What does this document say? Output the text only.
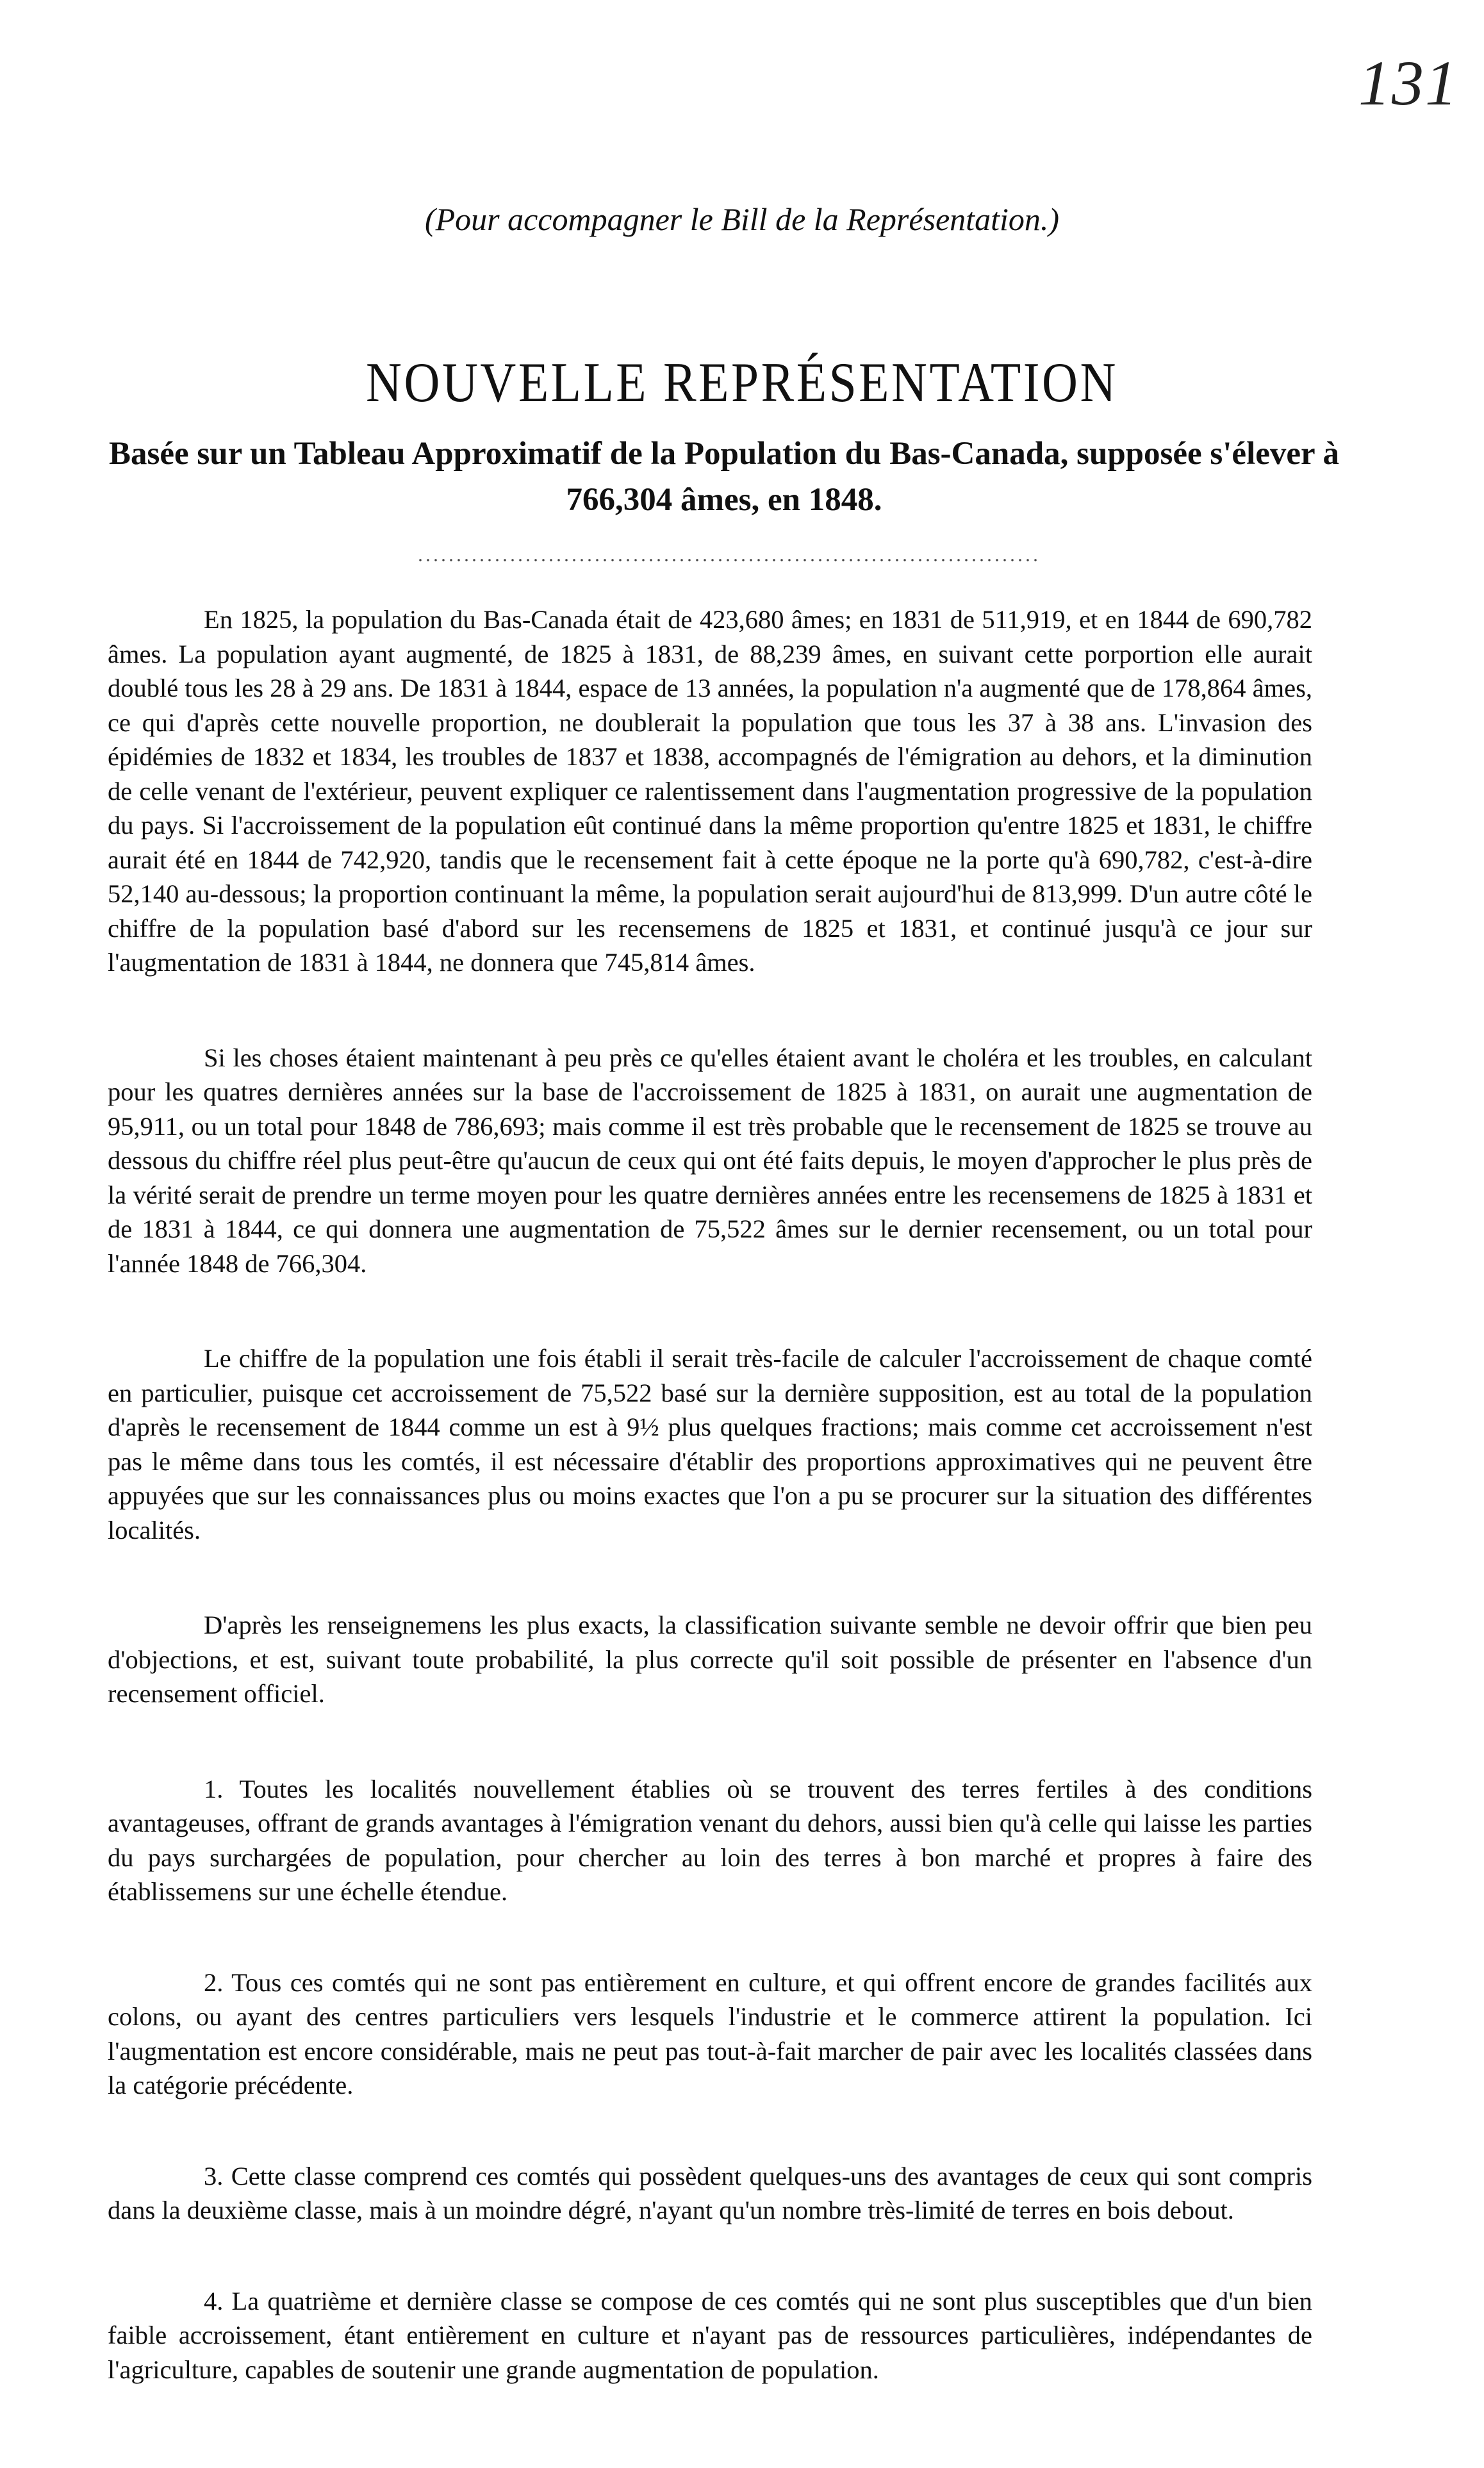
131
(Pour accompagner le Bill de la Représentation.)
NOUVELLE REPRÉSENTATION
Basée sur un Tableau Approximatif de la Population du Bas-Canada, supposée s'élever à 766,304 âmes, en 1848.

En 1825, la population du Bas-Canada était de 423,680 âmes; en 1831 de 511,919, et en 1844 de 690,782 âmes. La population ayant augmenté, de 1825 à 1831, de 88,239 âmes, en suivant cette porportion elle aurait doublé tous les 28 à 29 ans. De 1831 à 1844, espace de 13 années, la population n'a augmenté que de 178,864 âmes, ce qui d'après cette nouvelle proportion, ne doublerait la population que tous les 37 à 38 ans. L'invasion des épidémies de 1832 et 1834, les troubles de 1837 et 1838, accompagnés de l'émigration au dehors, et la diminution de celle venant de l'extérieur, peuvent expliquer ce ralentissement dans l'augmentation progressive de la population du pays. Si l'accroissement de la population eût continué dans la même proportion qu'entre 1825 et 1831, le chiffre aurait été en 1844 de 742,920, tandis que le recensement fait à cette époque ne la porte qu'à 690,782, c'est-à-dire 52,140 au-dessous; la proportion continuant la même, la population serait aujourd'hui de 813,999. D'un autre côté le chiffre de la population basé d'abord sur les recensemens de 1825 et 1831, et continué jusqu'à ce jour sur l'augmentation de 1831 à 1844, ne donnera que 745,814 âmes.

Si les choses étaient maintenant à peu près ce qu'elles étaient avant le choléra et les troubles, en calculant pour les quatres dernières années sur la base de l'accroissement de 1825 à 1831, on aurait une augmentation de 95,911, ou un total pour 1848 de 786,693; mais comme il est très probable que le recensement de 1825 se trouve au dessous du chiffre réel plus peut-être qu'aucun de ceux qui ont été faits depuis, le moyen d'approcher le plus près de la vérité serait de prendre un terme moyen pour les quatre dernières années entre les recensemens de 1825 à 1831 et de 1831 à 1844, ce qui donnera une augmentation de 75,522 âmes sur le dernier recensement, ou un total pour l'année 1848 de 766,304.

Le chiffre de la population une fois établi il serait très-facile de calculer l'accroissement de chaque comté en particulier, puisque cet accroissement de 75,522 basé sur la dernière supposition, est au total de la population d'après le recensement de 1844 comme un est à 9½ plus quelques fractions; mais comme cet accroissement n'est pas le même dans tous les comtés, il est nécessaire d'établir des proportions approximatives qui ne peuvent être appuyées que sur les connaissances plus ou moins exactes que l'on a pu se procurer sur la situation des différentes localités.

D'après les renseignemens les plus exacts, la classification suivante semble ne devoir offrir que bien peu d'objections, et est, suivant toute probabilité, la plus correcte qu'il soit possible de présenter en l'absence d'un recensement officiel.

1. Toutes les localités nouvellement établies où se trouvent des terres fertiles à des conditions avantageuses, offrant de grands avantages à l'émigration venant du dehors, aussi bien qu'à celle qui laisse les parties du pays surchargées de population, pour chercher au loin des terres à bon marché et propres à faire des établissemens sur une échelle étendue.

2. Tous ces comtés qui ne sont pas entièrement en culture, et qui offrent encore de grandes facilités aux colons, ou ayant des centres particuliers vers lesquels l'industrie et le commerce attirent la population. Ici l'augmentation est encore considérable, mais ne peut pas tout-à-fait marcher de pair avec les localités classées dans la catégorie précédente.

3. Cette classe comprend ces comtés qui possèdent quelques-uns des avantages de ceux qui sont compris dans la deuxième classe, mais à un moindre dégré, n'ayant qu'un nombre très-limité de terres en bois debout.

4. La quatrième et dernière classe se compose de ces comtés qui ne sont plus susceptibles que d'un bien faible accroissement, étant entièrement en culture et n'ayant pas de ressources particulières, indépendantes de l'agriculture, capables de soutenir une grande augmentation de population.
